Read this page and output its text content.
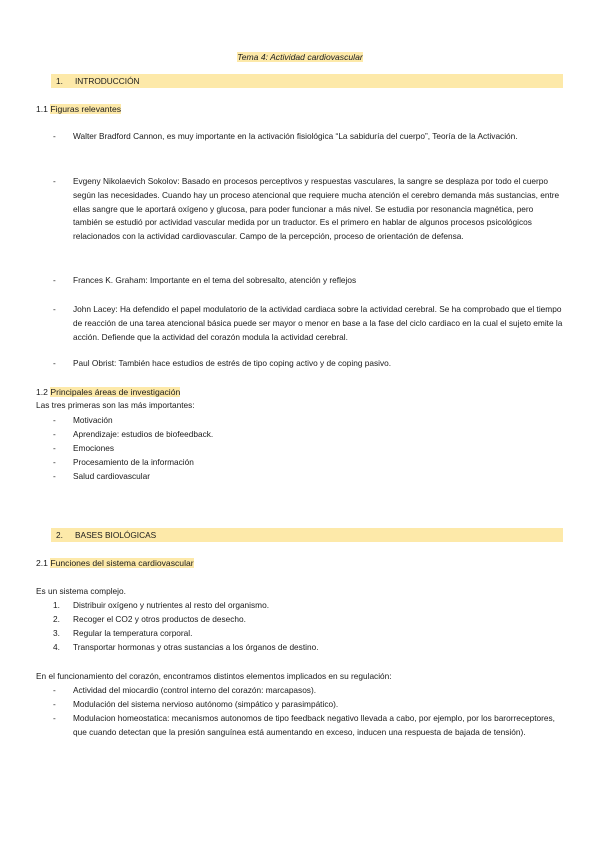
Tema 4: Actividad cardiovascular
1. INTRODUCCIÓN
1.1 Figuras relevantes
- Walter Bradford Cannon, es muy importante en la activación fisiológica “La sabiduría del cuerpo”, Teoría de la Activación.
- Evgeny Nikolaevich Sokolov: Basado en procesos perceptivos y respuestas vasculares, la sangre se desplaza por todo el cuerpo según las necesidades. Cuando hay un proceso atencional que requiere mucha atención el cerebro demanda más sustancias, entre ellas sangre que le aportará oxígeno y glucosa, para poder funcionar a más nivel. Se estudia por resonancia magnética, pero también se estudió por actividad vascular medida por un traductor. Es el primero en hablar de algunos procesos psicológicos relacionados con la actividad cardiovascular. Campo de la percepción, proceso de orientación de defensa.
- Frances K. Graham: Importante en el tema del sobresalto, atención y reflejos
- John Lacey: Ha defendido el papel modulatorio de la actividad cardiaca sobre la actividad cerebral. Se ha comprobado que el tiempo de reacción de una tarea atencional básica puede ser mayor o menor en base a la fase del ciclo cardiaco en la cual el sujeto emite la acción. Defiende que la actividad del corazón modula la actividad cerebral.
- Paul Obrist: También hace estudios de estrés de tipo coping activo y de coping pasivo.
1.2 Principales áreas de investigación
Las tres primeras son las más importantes:
- Motivación
- Aprendizaje: estudios de biofeedback.
- Emociones
- Procesamiento de la información
- Salud cardiovascular
2. BASES BIOLÓGICAS
2.1 Funciones del sistema cardiovascular
Es un sistema complejo.
1. Distribuir oxígeno y nutrientes al resto del organismo.
2. Recoger el CO2 y otros productos de desecho.
3. Regular la temperatura corporal.
4. Transportar hormonas y otras sustancias a los órganos de destino.
En el funcionamiento del corazón, encontramos distintos elementos implicados en su regulación:
- Actividad del miocardio (control interno del corazón: marcapasos).
- Modulación del sistema nervioso autónomo (simpático y parasimpático).
- Modulacion homeostatica: mecanismos autonomos de tipo feedback negativo llevada a cabo, por ejemplo, por los barorreceptores, que cuando detectan que la presión sanguínea está aumentando en exceso, inducen una respuesta de bajada de tensión).
